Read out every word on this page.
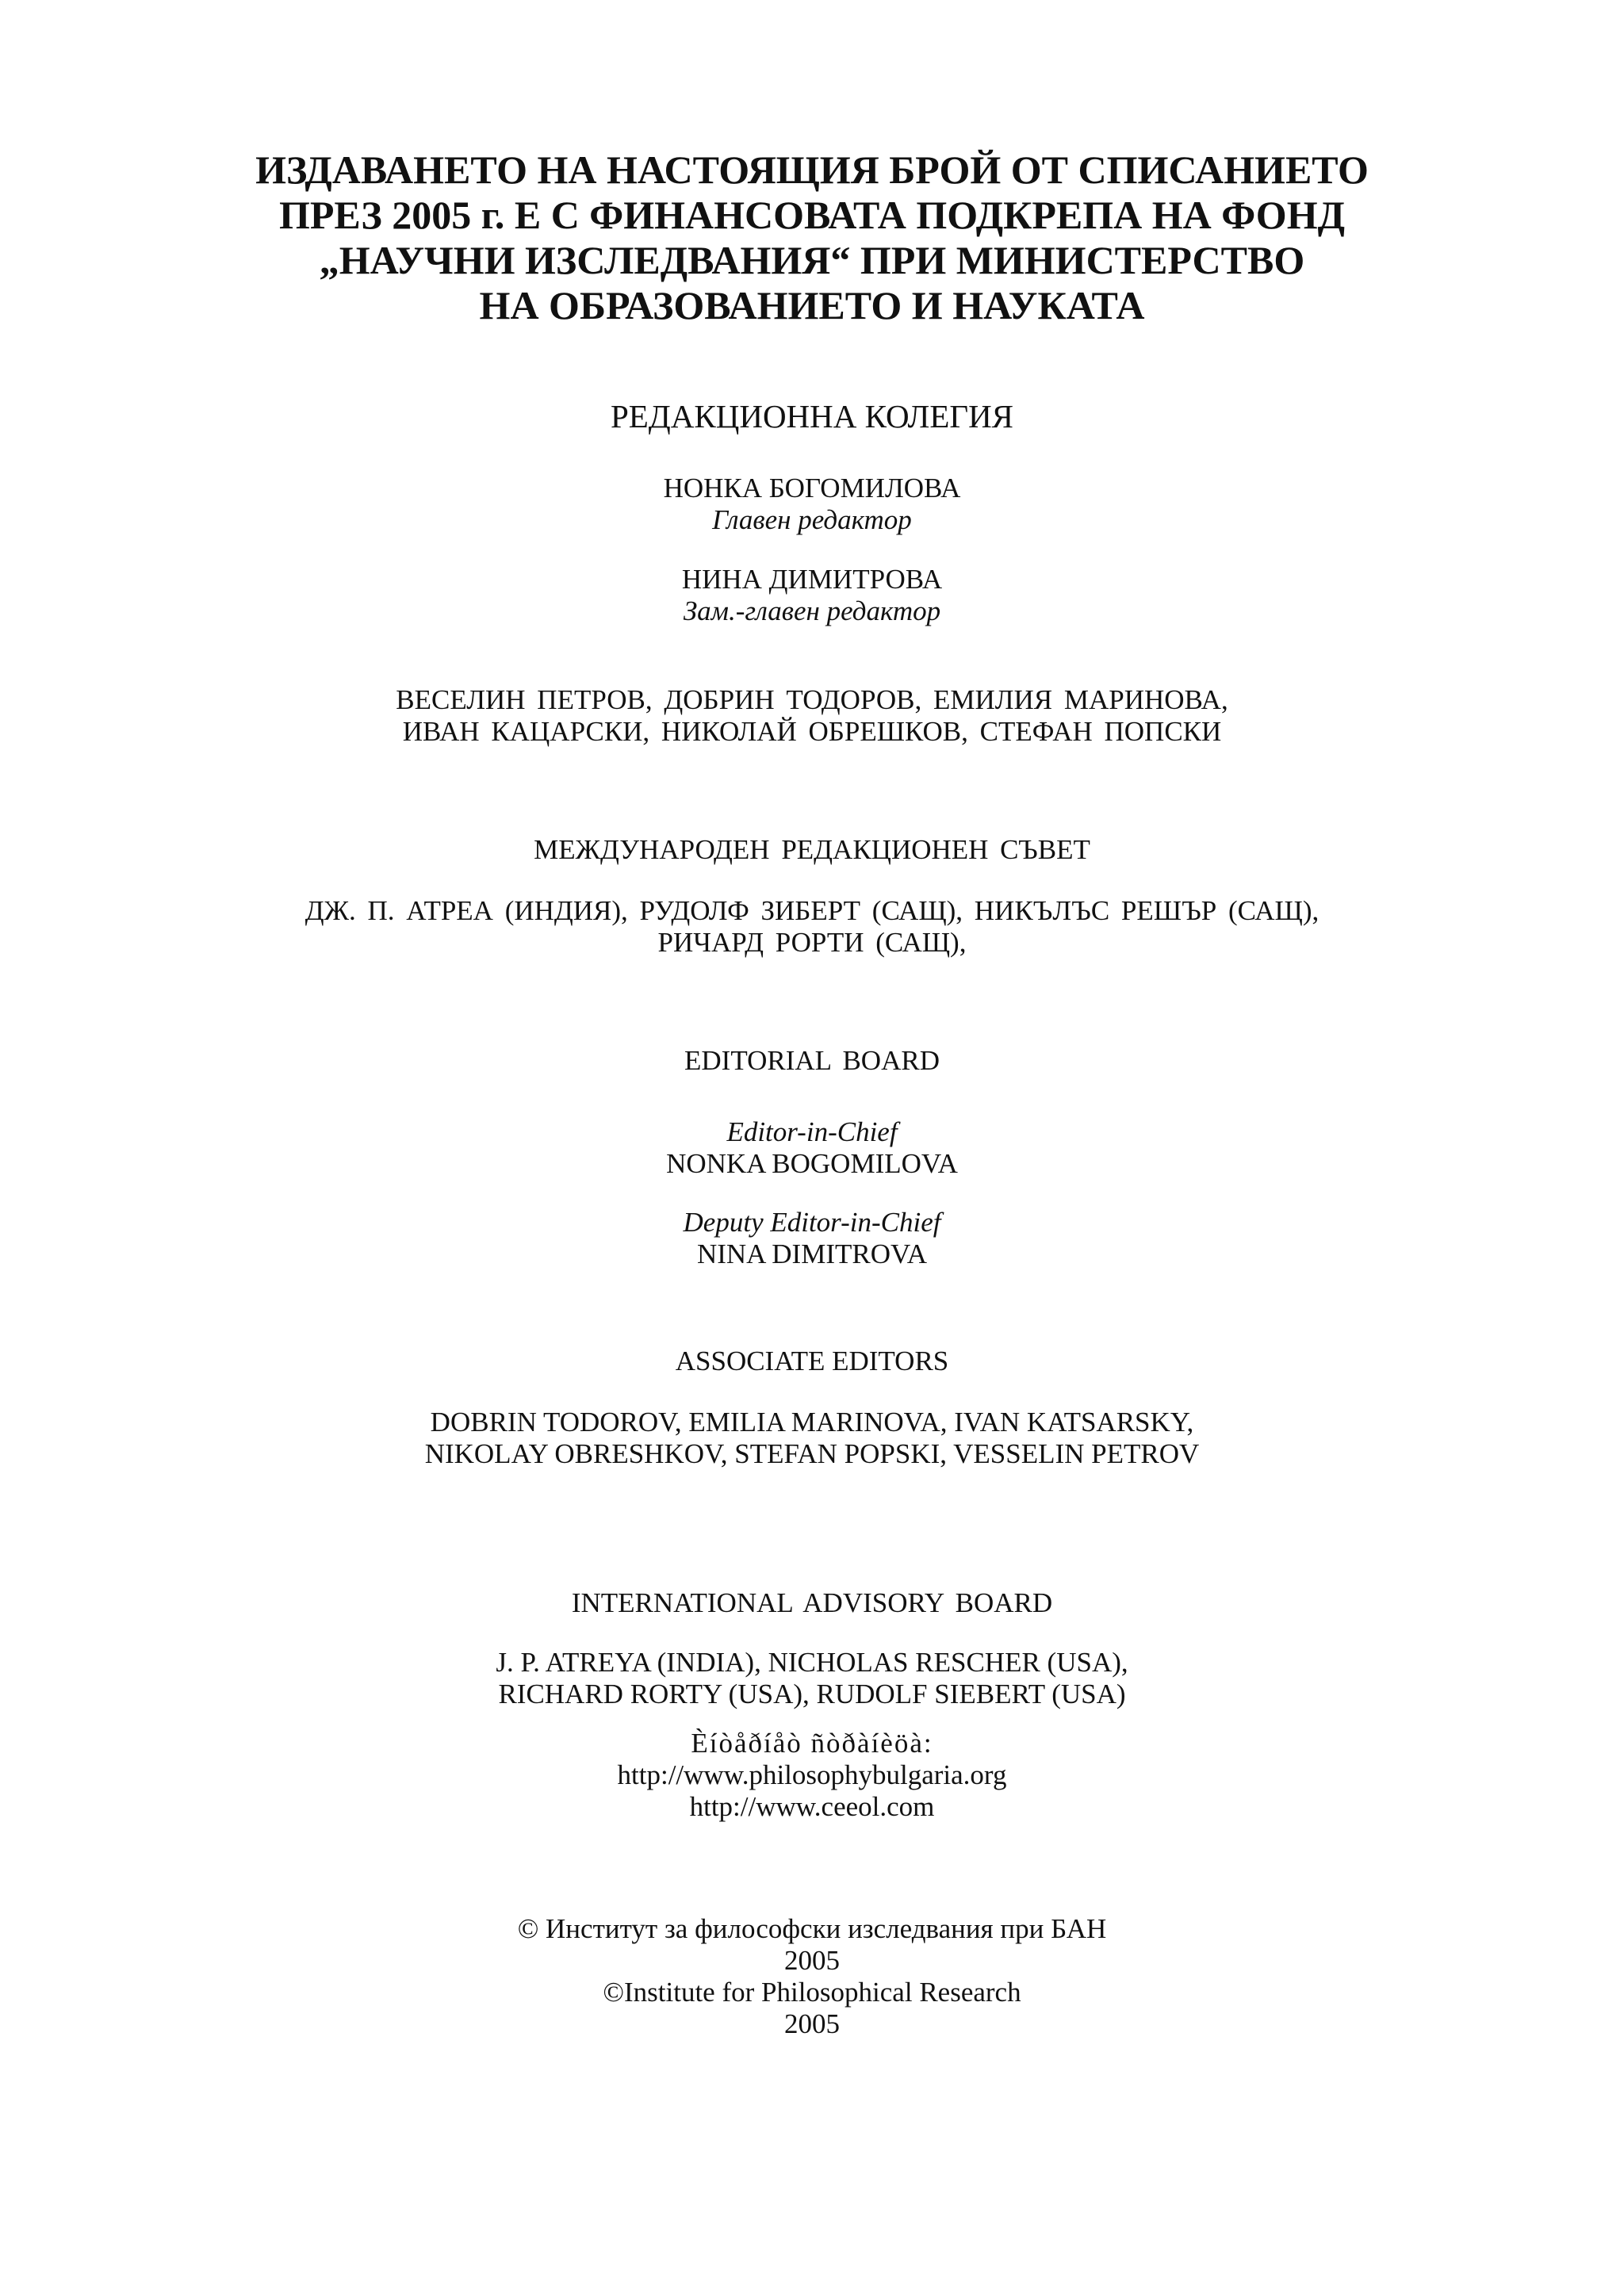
ИЗДАВАНЕТО НА НАСТОЯЩИЯ БРОЙ ОТ СПИСАНИЕТО
ПРЕЗ 2005 г. Е С ФИНАНСОВАТА ПОДКРЕПА НА ФОНД
„НАУЧНИ ИЗСЛЕДВАНИЯ“ ПРИ МИНИСТЕРСТВО
НА ОБРАЗОВАНИЕТО И НАУКАТА
РЕДАКЦИОННА КОЛЕГИЯ
НОНКА БОГОМИЛОВА
Главен редактор
НИНА ДИМИТРОВА
Зам.-главен редактор
ВЕСЕЛИН ПЕТРОВ, ДОБРИН ТОДОРОВ, ЕМИЛИЯ МАРИНОВА,
ИВАН КАЦАРСКИ, НИКОЛАЙ ОБРЕШКОВ, СТЕФАН ПОПСКИ
МЕЖДУНАРОДЕН РЕДАКЦИОНЕН СЪВЕТ
ДЖ. П. АТРЕА (ИНДИЯ), РУДОЛФ ЗИБЕРТ (САЩ), НИКЪЛЪС РЕШЪР (САЩ),
РИЧАРД РОРТИ (САЩ),
EDITORIAL BOARD
Editor-in-Chief
NONKA BOGOMILOVA
Deputy Editor-in-Chief
NINA DIMITROVA
ASSOCIATE EDITORS
DOBRIN TODOROV, EMILIA MARINOVA, IVAN KATSARSKY,
NIKOLAY OBRESHKOV, STEFAN POPSKI, VESSELIN PETROV
INTERNATIONAL ADVISORY BOARD
J. P. ATREYA (INDIA), NICHOLAS RESCHER (USA),
RICHARD RORTY (USA), RUDOLF SIEBERT (USA)
Èíòåðíåò ñòðàíèöà:
http://www.philosophybulgaria.org
http://www.ceeol.com
© Институт за философски изследвания при БАН
2005
©Institute for Philosophical Research
2005
